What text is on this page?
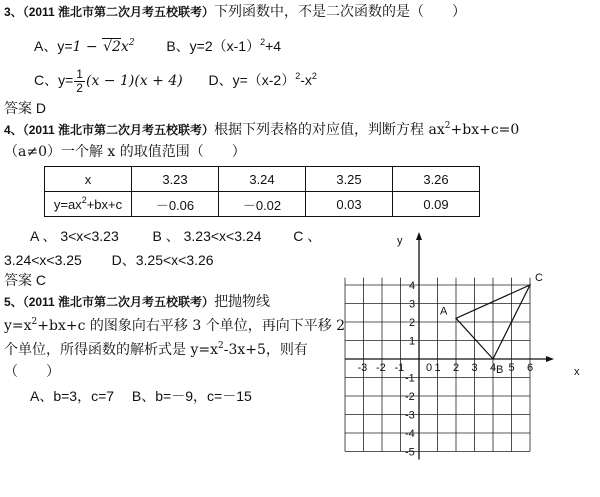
3、（2011 淮北市第二次月考五校联考）下列函数中，不是二次函数的是（　　）
A、$y=1 - √2x^2$ B、$y=2(x-1)^2+4$
C、$y= \frac{1}{2} (x - 1)(x + 4)$ D、$y=(x-2)^2-x^2$
答案 D
4、（2011 淮北市第二次月考五校联考）根据下列表格的对应值，判断方程 $ax^2+bx+c=0$
（a≠0）一个解 x 的取值范围（　　）
x	3.23	3.24	3.25	3.26
$y=ax^2+bx+c$	－0.06	－0.02	0.03	0.09
A 、 3<x<3.23 B 、 3.23<x<3.24 C 、
3.24<x<3.25 D、3.25<x<3.26
答案 C
5、（2011 淮北市第二次月考五校联考）把抛物线
$y=x^2+bx+c$ 的图象向右平移 3 个单位，再向下平移 2
个单位，所得函数的解析式是 $y=x^2-3x+5$，则有
（　　）
A、b=3，c=7　 B、b=－9，c=－15
-3 -2 -1	1 2 3 4 5 6
4
3
2
1
-1
-2
-3
-4
-5
A
B
C
y
x
0
